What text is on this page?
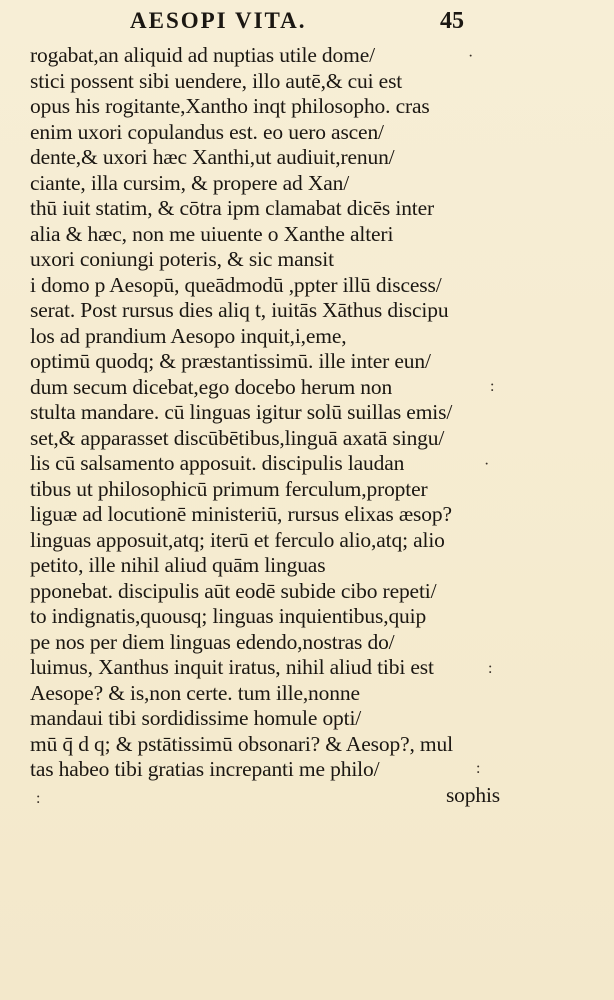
AESOPI VITA.	45
rogabat,an aliquid ad nuptias utile dome/
stici possent sibi uendere, illo autē,& cui est
opus his rogitante,Xantho inqt philosopho. cras
enim uxori copulandus est. eo uero ascen/
dente,& uxori hæc Xanthi,ut audiuit,renun/
ciante, illa cursim, & propere ad Xan/
thū iuit statim, & cōtra ipm clamabat dicēs inter
alia & hæc, non me uiuente o Xanthe alteri
uxori coniungi poteris, & sic mansit
i domo p Aesopū, queādmodū ,ppter illū discess/
serat. Post rursus dies aliq t, iuitās Xāthus discipu
los ad prandium Aesopo inquit,i,eme,
optimū quodq; & præstantissimū. ille inter eun/
dum secum dicebat,ego docebo herum non
stulta mandare. cū linguas igitur solū suillas emis/
set,& apparasset discūbētibus,linguā axatā singu/
lis cū salsamento apposuit. discipulis laudan
tibus ut philosophicū primum ferculum,propter
liguæ ad locutionē ministeriū, rursus elixas æsop?
linguas apposuit,atq; iterū et ferculo alio,atq; alio
petito, ille nihil aliud quām linguas
pponebat. discipulis aūt eodē subide cibo repeti/
to indignatis,quousq; linguas inquientibus,quip
pe nos per diem linguas edendo,nostras do/
luimus, Xanthus inquit iratus, nihil aliud tibi est
Aesope? & is,non certe. tum ille,nonne
mandaui tibi sordidissime homule opti/
mū q̄ d q; & pstātissimū obsonari? & Aesop?, mul
tas habeo tibi gratias increpanti me philo/
sophis
·
:
·
:
:
:
